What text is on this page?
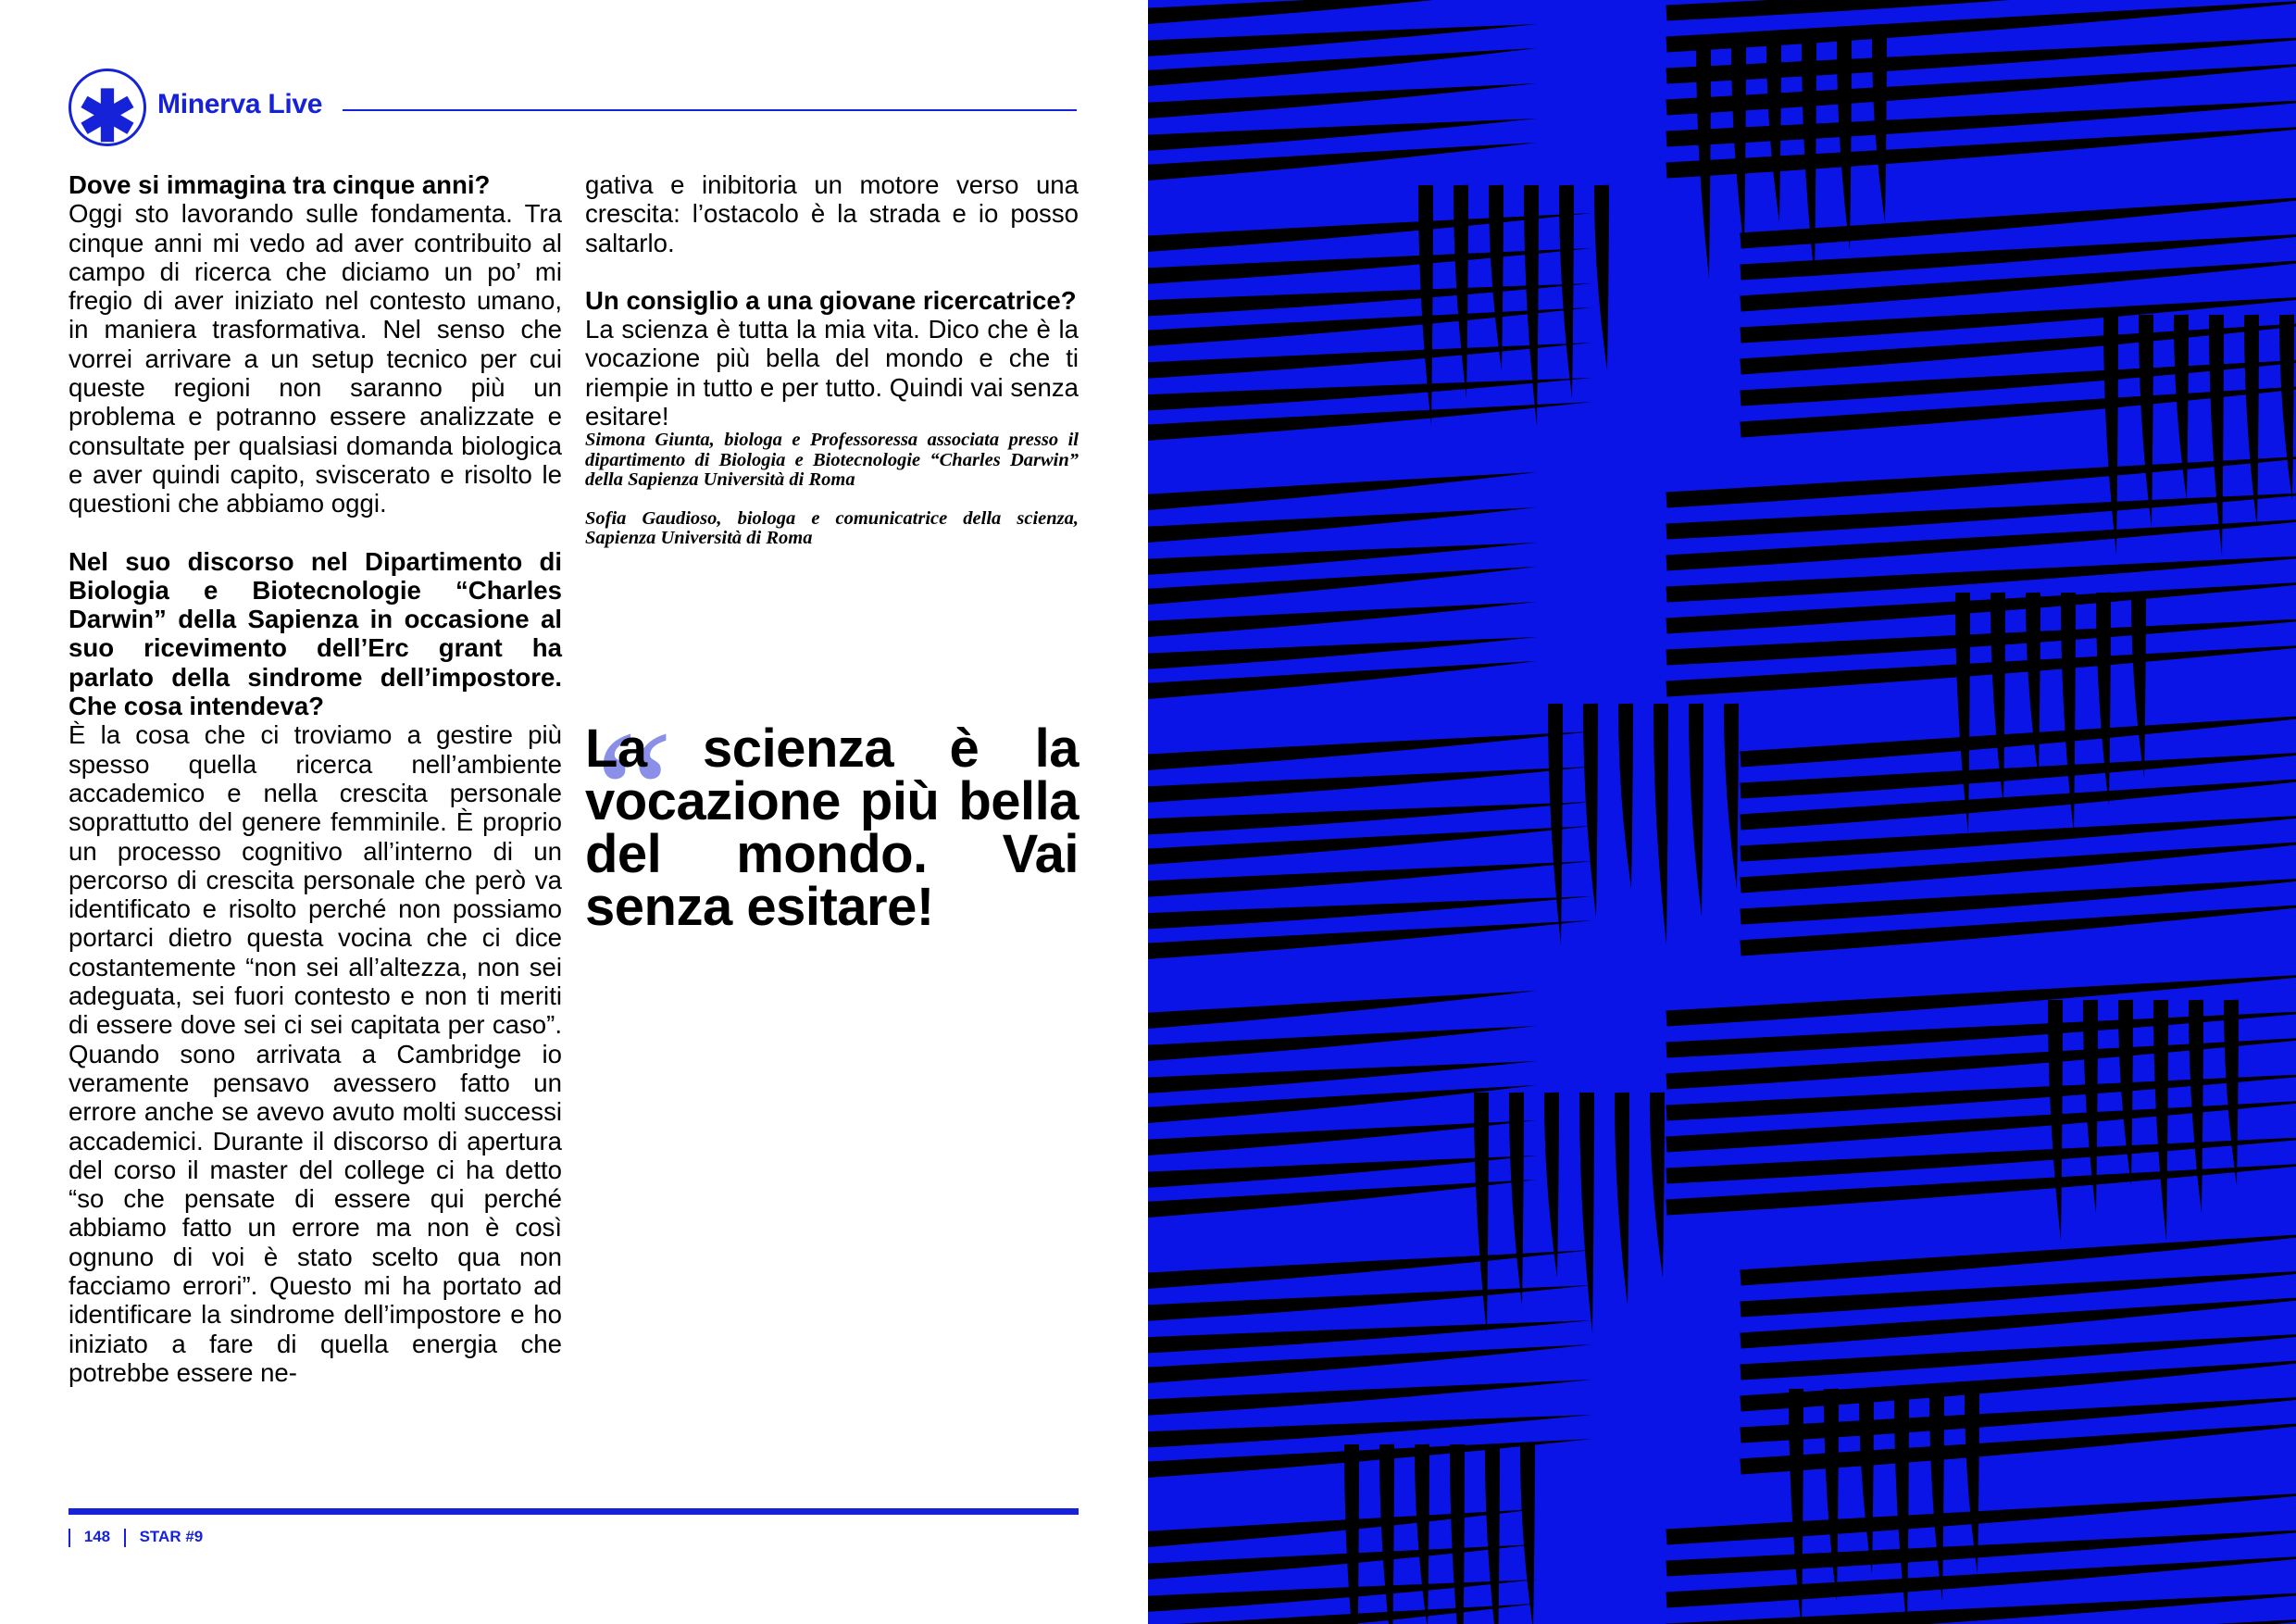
✱ Minerva Live

Dove si immagina tra cinque anni?

Oggi sto lavorando sulle fondamenta. Tra cinque anni mi vedo ad aver contribuito al campo di ricerca che diciamo un po’ mi fregio di aver iniziato nel contesto umano, in maniera trasformativa. Nel senso che vorrei arrivare a un setup tecnico per cui queste regioni non saranno più un problema e potranno essere analizzate e consultate per qualsiasi domanda biologica e aver quindi capito, sviscerato e risolto le questioni che abbiamo oggi.

Nel suo discorso nel Dipartimento di Biologia e Biotecnologie “Charles Darwin” della Sapienza in occasione al suo ricevimento dell’Erc grant ha parlato della sindrome dell’impostore. Che cosa intendeva?

È la cosa che ci troviamo a gestire più spesso quella ricerca nell’ambiente accademico e nella crescita personale soprattutto del genere femminile. È proprio un processo cognitivo all’interno di un percorso di crescita personale che però va identificato e risolto perché non possiamo portarci dietro questa vocina che ci dice costantemente “non sei all’altezza, non sei adeguata, sei fuori contesto e non ti meriti di essere dove sei ci sei capitata per caso”. Quando sono arrivata a Cambridge io veramente pensavo avessero fatto un errore anche se avevo avuto molti successi accademici. Durante il discorso di apertura del corso il master del college ci ha detto “so che pensate di essere qui perché abbiamo fatto un errore ma non è così ognuno di voi è stato scelto qua non facciamo errori”. Questo mi ha portato ad identificare la sindrome dell’impostore e ho iniziato a fare di quella energia che potrebbe essere ne-

gativa e inibitoria un motore verso una crescita: l’ostacolo è la strada e io posso saltarlo.

Un consiglio a una giovane ricercatrice?

La scienza è tutta la mia vita. Dico che è la vocazione più bella del mondo e che ti riempie in tutto e per tutto. Quindi vai senza esitare!

Simona Giunta, biologa e Professoressa associata presso il dipartimento di Biologia e Biotecnologie “Charles Darwin” della Sapienza Università di Roma

Sofia Gaudioso, biologa e comunicatrice della scienza, Sapienza Università di Roma

“
La scienza è la vocazione più bella del mondo. Vai senza esitare!
148 STAR #9
